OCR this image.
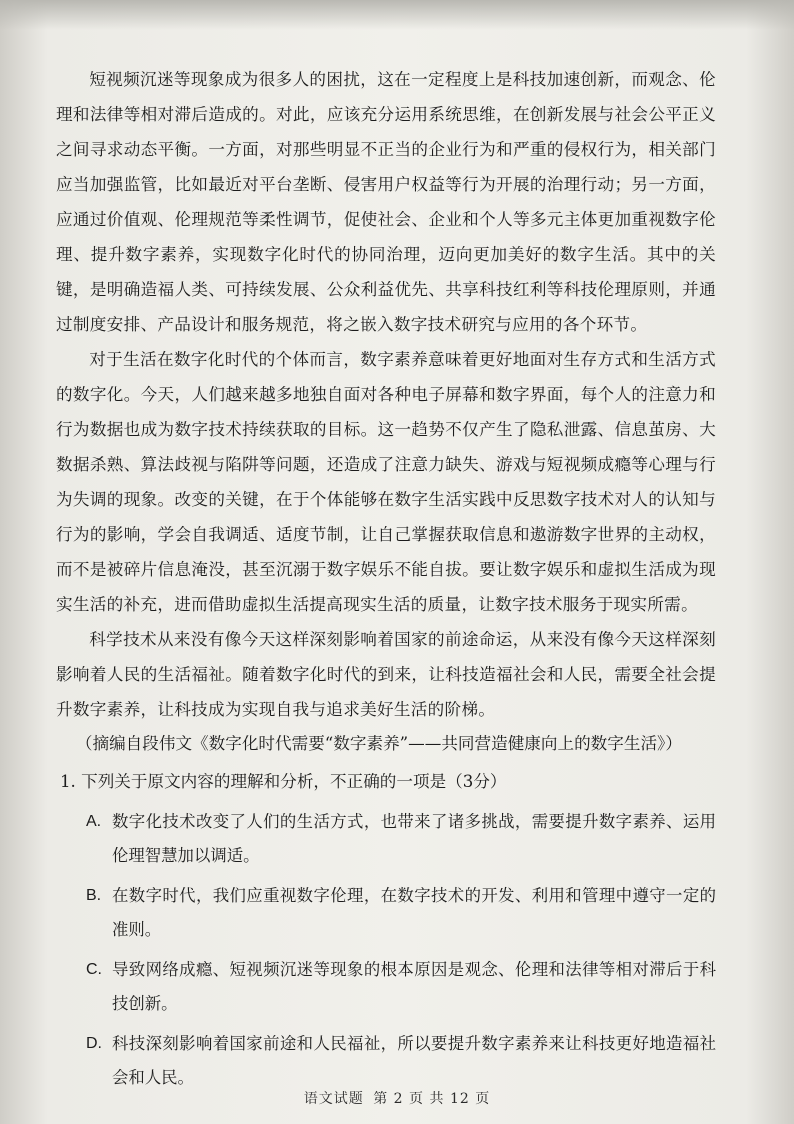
短视频沉迷等现象成为很多人的困扰，这在一定程度上是科技加速创新，而观念、伦理和法律等相对滞后造成的。对此，应该充分运用系统思维，在创新发展与社会公平正义之间寻求动态平衡。一方面，对那些明显不正当的企业行为和严重的侵权行为，相关部门应当加强监管，比如最近对平台垄断、侵害用户权益等行为开展的治理行动；另一方面，应通过价值观、伦理规范等柔性调节，促使社会、企业和个人等多元主体更加重视数字伦理、提升数字素养，实现数字化时代的协同治理，迈向更加美好的数字生活。其中的关键，是明确造福人类、可持续发展、公众利益优先、共享科技红利等科技伦理原则，并通过制度安排、产品设计和服务规范，将之嵌入数字技术研究与应用的各个环节。

对于生活在数字化时代的个体而言，数字素养意味着更好地面对生存方式和生活方式的数字化。今天，人们越来越多地独自面对各种电子屏幕和数字界面，每个人的注意力和行为数据也成为数字技术持续获取的目标。这一趋势不仅产生了隐私泄露、信息茧房、大数据杀熟、算法歧视与陷阱等问题，还造成了注意力缺失、游戏与短视频成瘾等心理与行为失调的现象。改变的关键，在于个体能够在数字生活实践中反思数字技术对人的认知与行为的影响，学会自我调适、适度节制，让自己掌握获取信息和遨游数字世界的主动权，而不是被碎片信息淹没，甚至沉溺于数字娱乐不能自拔。要让数字娱乐和虚拟生活成为现实生活的补充，进而借助虚拟生活提高现实生活的质量，让数字技术服务于现实所需。

科学技术从来没有像今天这样深刻影响着国家的前途命运，从来没有像今天这样深刻影响着人民的生活福祉。随着数字化时代的到来，让科技造福社会和人民，需要全社会提升数字素养，让科技成为实现自我与追求美好生活的阶梯。

（摘编自段伟文《数字化时代需要“数字素养”——共同营造健康向上的数字生活》）

1. 下列关于原文内容的理解和分析，不正确的一项是（3分）

A. 数字化技术改变了人们的生活方式，也带来了诸多挑战，需要提升数字素养、运用伦理智慧加以调适。
B. 在数字时代，我们应重视数字伦理，在数字技术的开发、利用和管理中遵守一定的准则。
C. 导致网络成瘾、短视频沉迷等现象的根本原因是观念、伦理和法律等相对滞后于科技创新。
D. 科技深刻影响着国家前途和人民福祉，所以要提升数字素养来让科技更好地造福社会和人民。
语文试题 第 2 页 共 12 页
